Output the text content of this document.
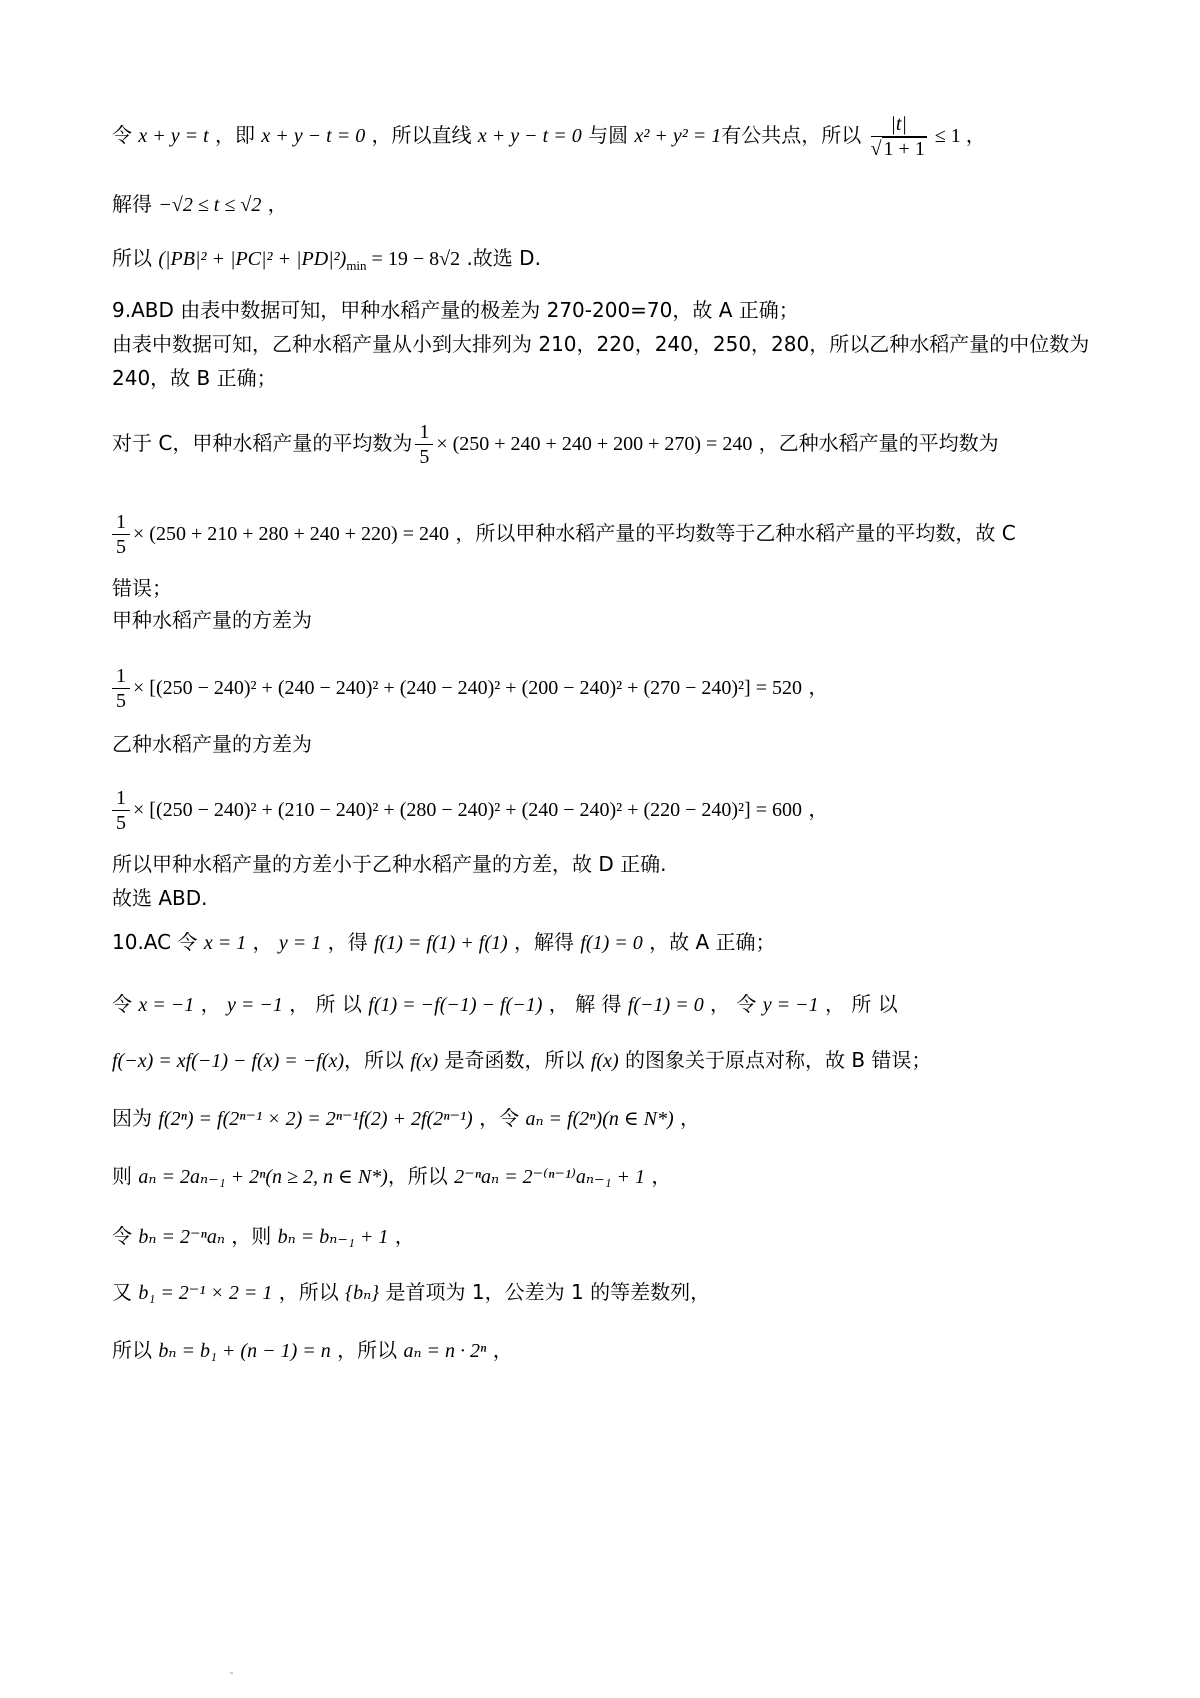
令 x + y = t ，即 x + y − t = 0 ，所以直线 x + y − t = 0 与圆 x² + y² = 1有公共点，所以 $\frac{|t|}{√ 1 + 1} \le 1$ ，
解得 −√2 ≤ t ≤ √2 ，
所以 $(|PB|^2 + |PC|^2 + |PD|^2)_{min} = 19 - 8√2$ .故选 D.
9.ABD 由表中数据可知，甲种水稻产量的极差为 270-200=70，故 A 正确；
由表中数据可知，乙种水稻产量从小到大排列为 210，220，240，250，280，所以乙种水稻产量的中位数为
240，故 B 正确；
对于 C，甲种水稻产量的平均数为 $\frac{1}{5} \times (250 + 240 + 240 + 200 + 270) = 240$ ，乙种水稻产量的平均数为
$\frac{1}{5} \times (250 + 210 + 280 + 240 + 220) = 240$ ，所以甲种水稻产量的平均数等于乙种水稻产量的平均数，故 C
错误；
甲种水稻产量的方差为
$\frac{1}{5} \times [(250 - 240)^2 + (240 - 240)^2 + (240 - 240)^2 + (200 - 240)^2 + (270 - 240)^2] = 520$ ，
乙种水稻产量的方差为
$\frac{1}{5} \times [(250 - 240)^2 + (210 - 240)^2 + (280 - 240)^2 + (240 - 240)^2 + (220 - 240)^2] = 600$ ，
所以甲种水稻产量的方差小于乙种水稻产量的方差，故 D 正确.
故选 ABD.
10.AC 令 x = 1 ， y = 1 ，得 f(1) = f(1) + f(1) ，解得 f(1) = 0 ，故 A 正确；
令 x = −1 ， y = −1 ， 所 以 f(1) = −f(−1) − f(−1) ， 解 得 f(−1) = 0 ， 令 y = −1 ， 所 以
f(−x) = xf(−1) − f(x) = −f(x)，所以 f(x) 是奇函数，所以 f(x) 的图象关于原点对称，故 B 错误；
因为 f(2ⁿ) = f(2ⁿ⁻¹ × 2) = 2ⁿ⁻¹f(2) + 2f(2ⁿ⁻¹) ，令 aₙ = f(2ⁿ)(n ∈ N*) ，
则 aₙ = 2aₙ₋₁ + 2ⁿ(n ≥ 2, n ∈ N*)，所以 2⁻ⁿaₙ = 2⁻⁽ⁿ⁻¹⁾aₙ₋₁ + 1 ，
令 bₙ = 2⁻ⁿaₙ ，则 bₙ = bₙ₋₁ + 1 ，
又 b₁ = 2⁻¹ × 2 = 1 ，所以 {bₙ} 是首项为 1，公差为 1 的等差数列，
所以 bₙ = b₁ + (n − 1) = n ，所以 aₙ = n · 2ⁿ ，
